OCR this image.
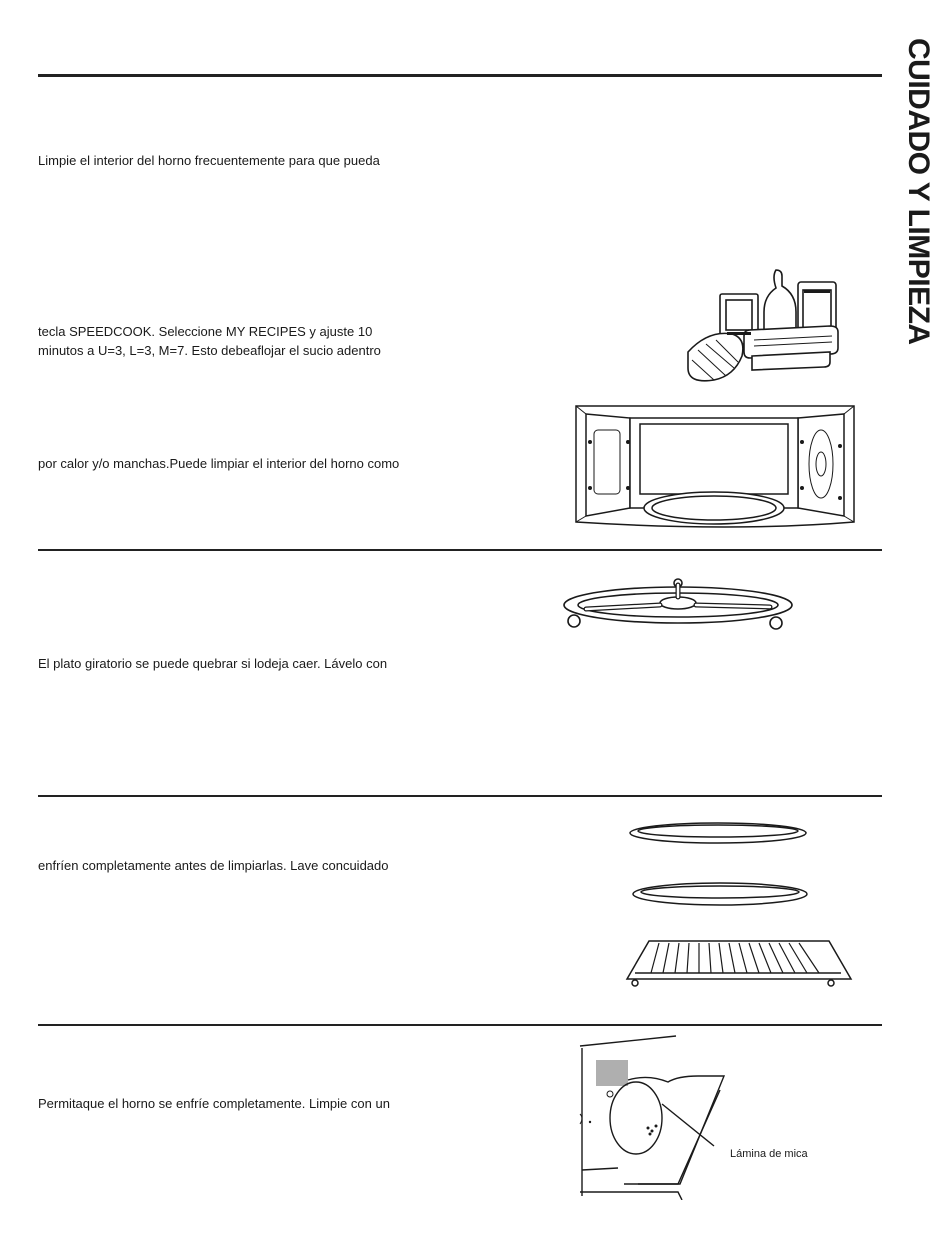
CUIDADO Y LIMPIEZA

Limpie el interior del horno frecuentemente para que pueda

tecla SPEEDCOOK. Seleccione MY RECIPES y ajuste 10

minutos a U=3, L=3, M=7. Esto debeaflojar el sucio adentro

por calor y/o manchas.Puede limpiar el interior del horno como

El plato giratorio se puede quebrar si lodeja caer. Lávelo con

enfríen completamente antes de limpiarlas. Lave concuidado

Permitaque el horno se enfríe completamente. Limpie con un

Lámina de mica
